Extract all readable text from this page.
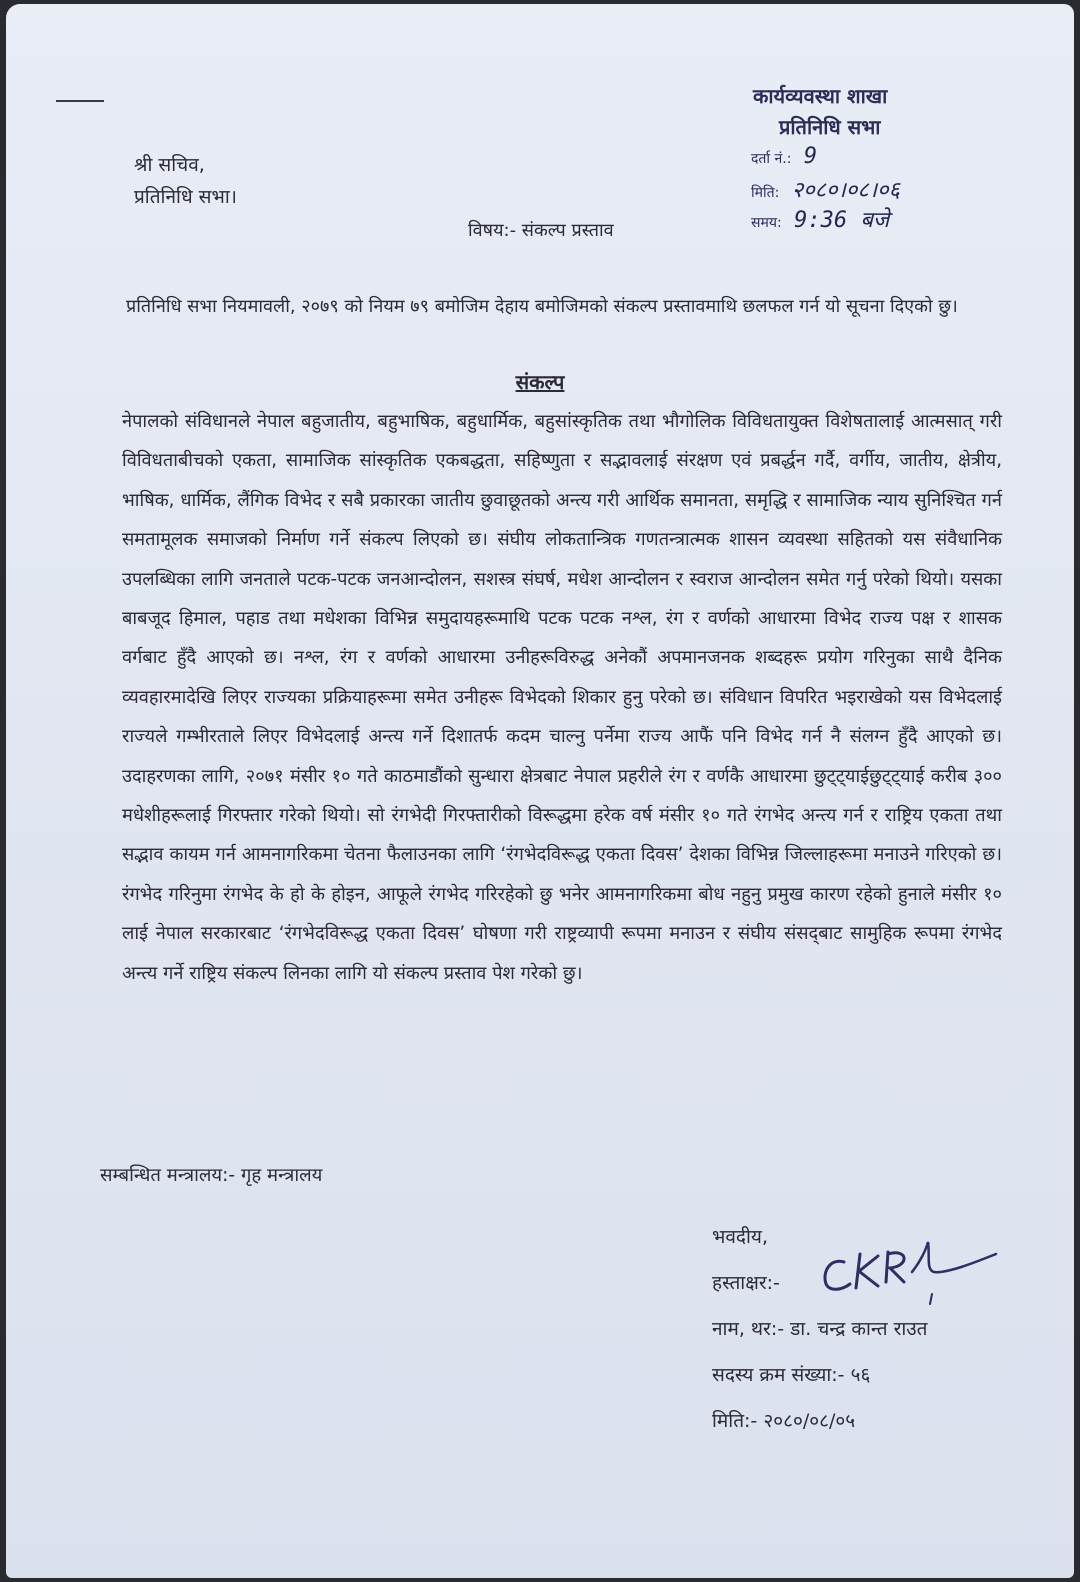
श्री सचिव,
प्रतिनिधि सभा।
कार्यव्यवस्था शाखा
प्रतिनिधि सभा
दर्ता नं.: 9
मिति: २०८०।०८।०६
समय: 9:36 बजे
विषय:- संकल्प प्रस्ताव
प्रतिनिधि सभा नियमावली, २०७९ को नियम ७९ बमोजिम देहाय बमोजिमको संकल्प प्रस्तावमाथि छलफल गर्न यो सूचना दिएको छु।
संकल्प
नेपालको संविधानले नेपाल बहुजातीय, बहुभाषिक, बहुधार्मिक, बहुसांस्कृतिक तथा भौगोलिक विविधतायुक्त विशेषतालाई आत्मसात् गरी विविधताबीचको एकता, सामाजिक सांस्कृतिक एकबद्धता, सहिष्णुता र सद्भावलाई संरक्षण एवं प्रबर्द्धन गर्दै, वर्गीय, जातीय, क्षेत्रीय, भाषिक, धार्मिक, लैंगिक विभेद र सबै प्रकारका जातीय छुवाछूतको अन्त्य गरी आर्थिक समानता, समृद्धि र सामाजिक न्याय सुनिश्चित गर्न समतामूलक समाजको निर्माण गर्ने संकल्प लिएको छ। संघीय लोकतान्त्रिक गणतन्त्रात्मक शासन व्यवस्था सहितको यस संवैधानिक उपलब्धिका लागि जनताले पटक-पटक जनआन्दोलन, सशस्त्र संघर्ष, मधेश आन्दोलन र स्वराज आन्दोलन समेत गर्नु परेको थियो। यसका बाबजूद हिमाल, पहाड तथा मधेशका विभिन्न समुदायहरूमाथि पटक पटक नश्ल, रंग र वर्णको आधारमा विभेद राज्य पक्ष र शासक वर्गबाट हुँदै आएको छ। नश्ल, रंग र वर्णको आधारमा उनीहरूविरुद्ध अनेकौं अपमानजनक शब्दहरू प्रयोग गरिनुका साथै दैनिक व्यवहारमादेखि लिएर राज्यका प्रक्रियाहरूमा समेत उनीहरू विभेदको शिकार हुनु परेको छ। संविधान विपरित भइराखेको यस विभेदलाई राज्यले गम्भीरताले लिएर विभेदलाई अन्त्य गर्ने दिशातर्फ कदम चाल्नु पर्नेमा राज्य आफैं पनि विभेद गर्न नै संलग्न हुँदै आएको छ। उदाहरणका लागि, २०७१ मंसीर १० गते काठमाडौंको सुन्धारा क्षेत्रबाट नेपाल प्रहरीले रंग र वर्णकै आधारमा छुट्ट्याईछुट्ट्याई करीब ३०० मधेशीहरूलाई गिरफ्तार गरेको थियो। सो रंगभेदी गिरफ्तारीको विरूद्धमा हरेक वर्ष मंसीर १० गते रंगभेद अन्त्य गर्न र राष्ट्रिय एकता तथा सद्भाव कायम गर्न आमनागरिकमा चेतना फैलाउनका लागि ‘रंगभेदविरूद्ध एकता दिवस’ देशका विभिन्न जिल्लाहरूमा मनाउने गरिएको छ। रंगभेद गरिनुमा रंगभेद के हो के होइन, आफूले रंगभेद गरिरहेको छु भनेर आमनागरिकमा बोध नहुनु प्रमुख कारण रहेको हुनाले मंसीर १० लाई नेपाल सरकारबाट ‘रंगभेदविरूद्ध एकता दिवस’ घोषणा गरी राष्ट्रव्यापी रूपमा मनाउन र संघीय संसद्‌बाट सामुहिक रूपमा रंगभेद अन्त्य गर्ने राष्ट्रिय संकल्प लिनका लागि यो संकल्प प्रस्ताव पेश गरेको छु।
सम्बन्धित मन्त्रालय:- गृह मन्त्रालय
भवदीय,
हस्ताक्षर:-
नाम, थर:- डा. चन्द्र कान्त राउत
सदस्य क्रम संख्या:- ५६
मिति:- २०८०/०८/०५
